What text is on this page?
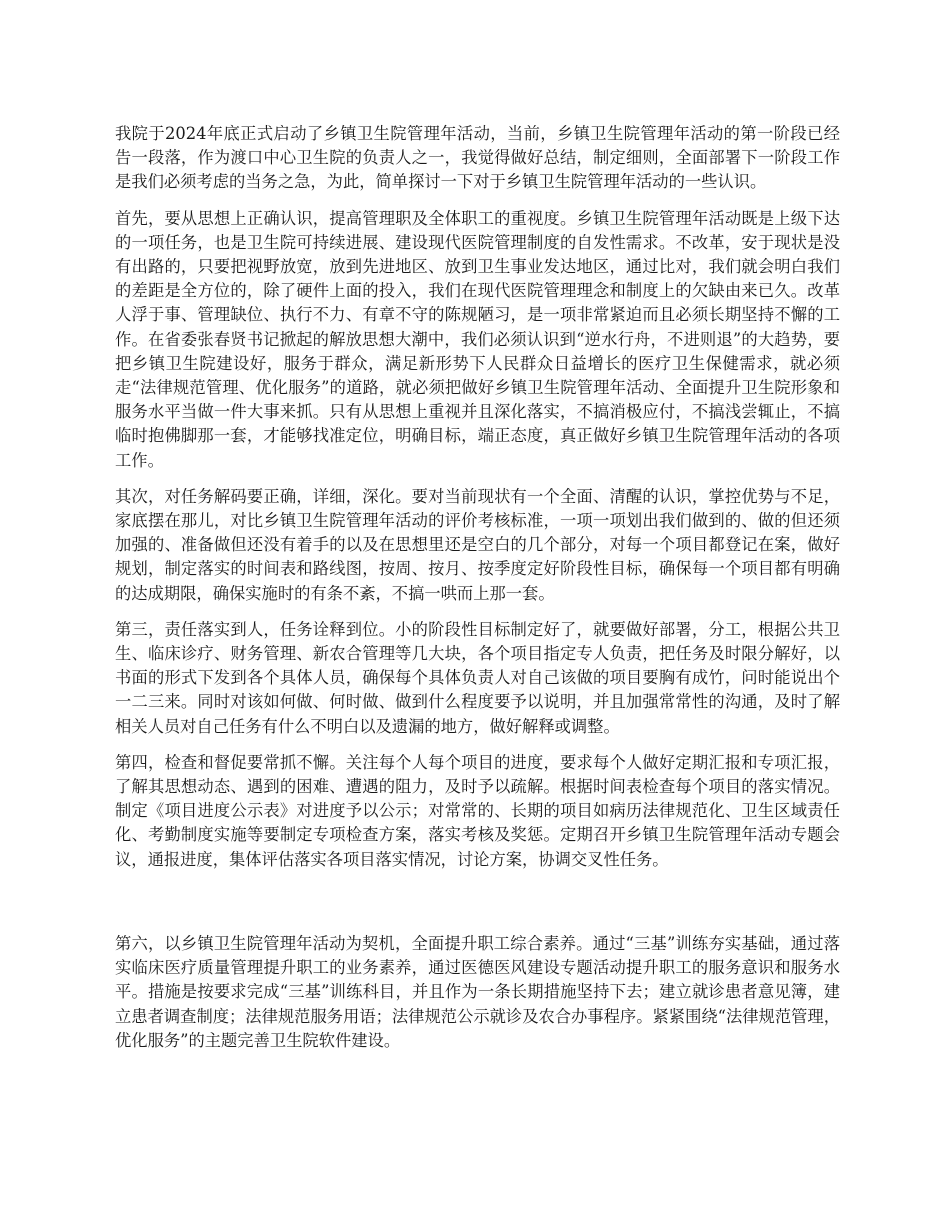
我院于2024年底正式启动了乡镇卫生院管理年活动，当前，乡镇卫生院管理年活动的第一阶段已经告一段落，作为渡口中心卫生院的负责人之一，我觉得做好总结，制定细则，全面部署下一阶段工作是我们必须考虑的当务之急，为此，简单探讨一下对于乡镇卫生院管理年活动的一些认识。

首先，要从思想上正确认识，提高管理职及全体职工的重视度。乡镇卫生院管理年活动既是上级下达的一项任务，也是卫生院可持续进展、建设现代医院管理制度的自发性需求。不改革，安于现状是没有出路的，只要把视野放宽，放到先进地区、放到卫生事业发达地区，通过比对，我们就会明白我们的差距是全方位的，除了硬件上面的投入，我们在现代医院管理理念和制度上的欠缺由来已久。改革人浮于事、管理缺位、执行不力、有章不守的陈规陋习，是一项非常紧迫而且必须长期坚持不懈的工作。在省委张春贤书记掀起的解放思想大潮中，我们必须认识到“逆水行舟，不进则退”的大趋势，要把乡镇卫生院建设好，服务于群众，满足新形势下人民群众日益增长的医疗卫生保健需求，就必须走“法律规范管理、优化服务”的道路，就必须把做好乡镇卫生院管理年活动、全面提升卫生院形象和服务水平当做一件大事来抓。只有从思想上重视并且深化落实，不搞消极应付，不搞浅尝辄止，不搞临时抱佛脚那一套，才能够找准定位，明确目标，端正态度，真正做好乡镇卫生院管理年活动的各项工作。

其次，对任务解码要正确，详细，深化。要对当前现状有一个全面、清醒的认识，掌控优势与不足，家底摆在那儿，对比乡镇卫生院管理年活动的评价考核标准，一项一项划出我们做到的、做的但还须加强的、准备做但还没有着手的以及在思想里还是空白的几个部分，对每一个项目都登记在案，做好规划，制定落实的时间表和路线图，按周、按月、按季度定好阶段性目标，确保每一个项目都有明确的达成期限，确保实施时的有条不紊，不搞一哄而上那一套。

第三，责任落实到人，任务诠释到位。小的阶段性目标制定好了，就要做好部署，分工，根据公共卫生、临床诊疗、财务管理、新农合管理等几大块，各个项目指定专人负责，把任务及时限分解好，以书面的形式下发到各个具体人员，确保每个具体负责人对自己该做的项目要胸有成竹，问时能说出个一二三来。同时对该如何做、何时做、做到什么程度要予以说明，并且加强常常性的沟通，及时了解相关人员对自己任务有什么不明白以及遗漏的地方，做好解释或调整。

第四，检查和督促要常抓不懈。关注每个人每个项目的进度，要求每个人做好定期汇报和专项汇报，了解其思想动态、遇到的困难、遭遇的阻力，及时予以疏解。根据时间表检查每个项目的落实情况。制定《项目进度公示表》对进度予以公示；对常常的、长期的项目如病历法律规范化、卫生区域责任化、考勤制度实施等要制定专项检查方案，落实考核及奖惩。定期召开乡镇卫生院管理年活动专题会议，通报进度，集体评估落实各项目落实情况，讨论方案，协调交叉性任务。

第六，以乡镇卫生院管理年活动为契机，全面提升职工综合素养。通过“三基”训练夯实基础，通过落实临床医疗质量管理提升职工的业务素养，通过医德医风建设专题活动提升职工的服务意识和服务水平。措施是按要求完成“三基”训练科目，并且作为一条长期措施坚持下去；建立就诊患者意见簿，建立患者调查制度；法律规范服务用语；法律规范公示就诊及农合办事程序。紧紧围绕“法律规范管理，优化服务”的主题完善卫生院软件建设。
